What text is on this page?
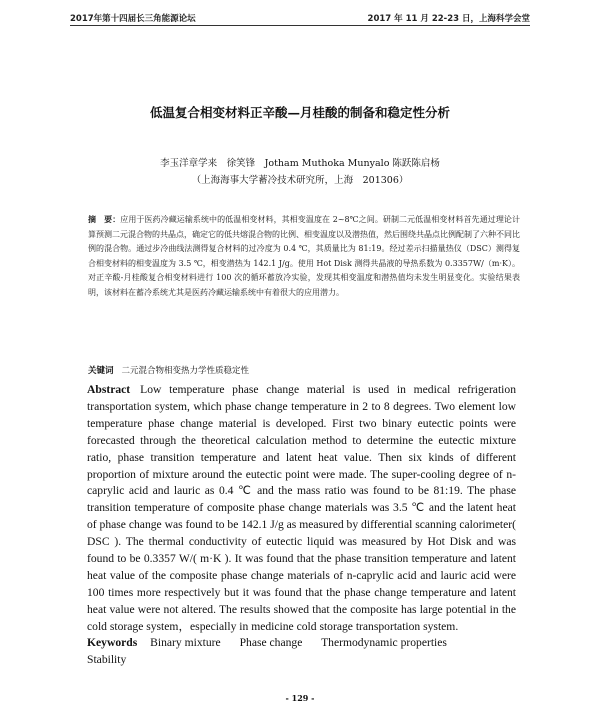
2017年第十四届长三角能源论坛	2017 年 11 月 22-23 日，上海科学会堂
低温复合相变材料正辛酸—月桂酸的制备和稳定性分析
李玉洋章学来　徐笑锋　Jotham Muthoka Munyalo 陈跃陈启杨
（上海海事大学蓄冷技术研究所，上海　201306）
摘　要：应用于医药冷藏运输系统中的低温相变材料，其相变温度在 2~8℃之间。研制二元低温相变材料首先通过理论计算预测二元混合物的共晶点，确定它的低共熔混合物的比例、相变温度以及潜热值，然后围绕共晶点比例配制了六种不同比例的混合物。通过步冷曲线法测得复合材料的过冷度为 0.4 ℃，其质量比为 81:19。经过差示扫描量热仪（DSC）测得复合相变材料的相变温度为 3.5 ℃，相变潜热为 142.1 J/g。使用 Hot Disk 测得共晶液的导热系数为 0.3357W/（m·K）。对正辛酸-月桂酸复合相变材料进行 100 次的循环蓄放冷实验，发现其相变温度和潜热值均未发生明显变化。实验结果表明，该材料在蓄冷系统尤其是医药冷藏运输系统中有着很大的应用潜力。
关键词 二元混合物相变热力学性质稳定性
Abstract Low temperature phase change material is used in medical refrigeration transportation system, which phase change temperature in 2 to 8 degrees. Two element low temperature phase change material is developed. First two binary eutectic points were forecasted through the theoretical calculation method to determine the eutectic mixture ratio, phase transition temperature and latent heat value. Then six kinds of different proportion of mixture around the eutectic point were made. The super-cooling degree of n-caprylic acid and lauric as 0.4 ℃ and the mass ratio was found to be 81:19. The phase transition temperature of composite phase change materials was 3.5 ℃ and the latent heat of phase change was found to be 142.1 J/g as measured by differential scanning calorimeter( DSC ). The thermal conductivity of eutectic liquid was measured by Hot Disk and was found to be 0.3357 W/( m·K ). It was found that the phase transition temperature and latent heat value of the composite phase change materials of n-caprylic acid and lauric acid were 100 times more respectively but it was found that the phase change temperature and latent heat value were not altered. The results showed that the composite has large potential in the cold storage system，especially in medicine cold storage transportation system.
Keywords Binary mixture Phase change Thermodynamic properties Stability
- 129 -
